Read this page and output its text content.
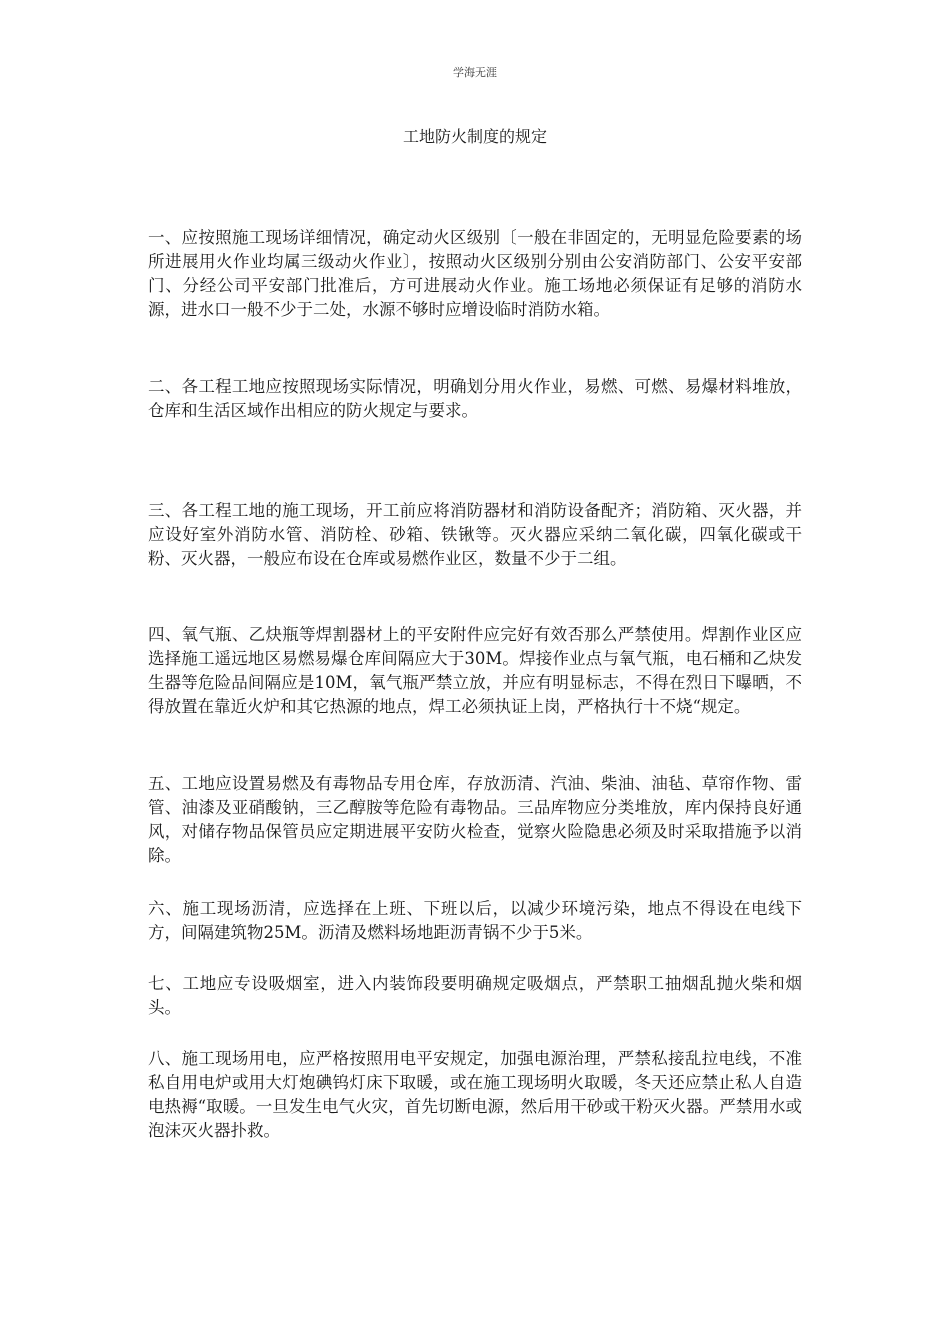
学海无涯
工地防火制度的规定

一、应按照施工现场详细情况，确定动火区级别〔一般在非固定的，无明显危险要素的场所进展用火作业均属三级动火作业〕，按照动火区级别分别由公安消防部门、公安平安部门、分经公司平安部门批准后，方可进展动火作业。施工场地必须保证有足够的消防水源，进水口一般不少于二处，水源不够时应增设临时消防水箱。

二、各工程工地应按照现场实际情况，明确划分用火作业，易燃、可燃、易爆材料堆放，仓库和生活区域作出相应的防火规定与要求。

三、各工程工地的施工现场，开工前应将消防器材和消防设备配齐；消防箱、灭火器，并应设好室外消防水管、消防栓、砂箱、铁锹等。灭火器应采纳二氧化碳，四氧化碳或干粉、灭火器，一般应布设在仓库或易燃作业区，数量不少于二组。

四、氧气瓶、乙炔瓶等焊割器材上的平安附件应完好有效否那么严禁使用。焊割作业区应选择施工遥远地区易燃易爆仓库间隔应大于30M。焊接作业点与氧气瓶，电石桶和乙炔发生器等危险品间隔应是10M，氧气瓶严禁立放，并应有明显标志，不得在烈日下曝晒，不得放置在靠近火炉和其它热源的地点，焊工必须执证上岗，严格执行十不烧“规定。

五、工地应设置易燃及有毒物品专用仓库，存放沥清、汽油、柴油、油毡、草帘作物、雷管、油漆及亚硝酸钠，三乙醇胺等危险有毒物品。三品库物应分类堆放，库内保持良好通风，对储存物品保管员应定期进展平安防火检查，觉察火险隐患必须及时采取措施予以消除。

六、施工现场沥清，应选择在上班、下班以后，以减少环境污染，地点不得设在电线下方，间隔建筑物25M。沥清及燃料场地距沥青锅不少于5米。

七、工地应专设吸烟室，进入内装饰段要明确规定吸烟点，严禁职工抽烟乱抛火柴和烟头。

八、施工现场用电，应严格按照用电平安规定，加强电源治理，严禁私接乱拉电线，不准私自用电炉或用大灯炮碘钨灯床下取暖，或在施工现场明火取暖，冬天还应禁止私人自造电热褥“取暖。一旦发生电气火灾，首先切断电源，然后用干砂或干粉灭火器。严禁用水或泡沫灭火器扑救。
